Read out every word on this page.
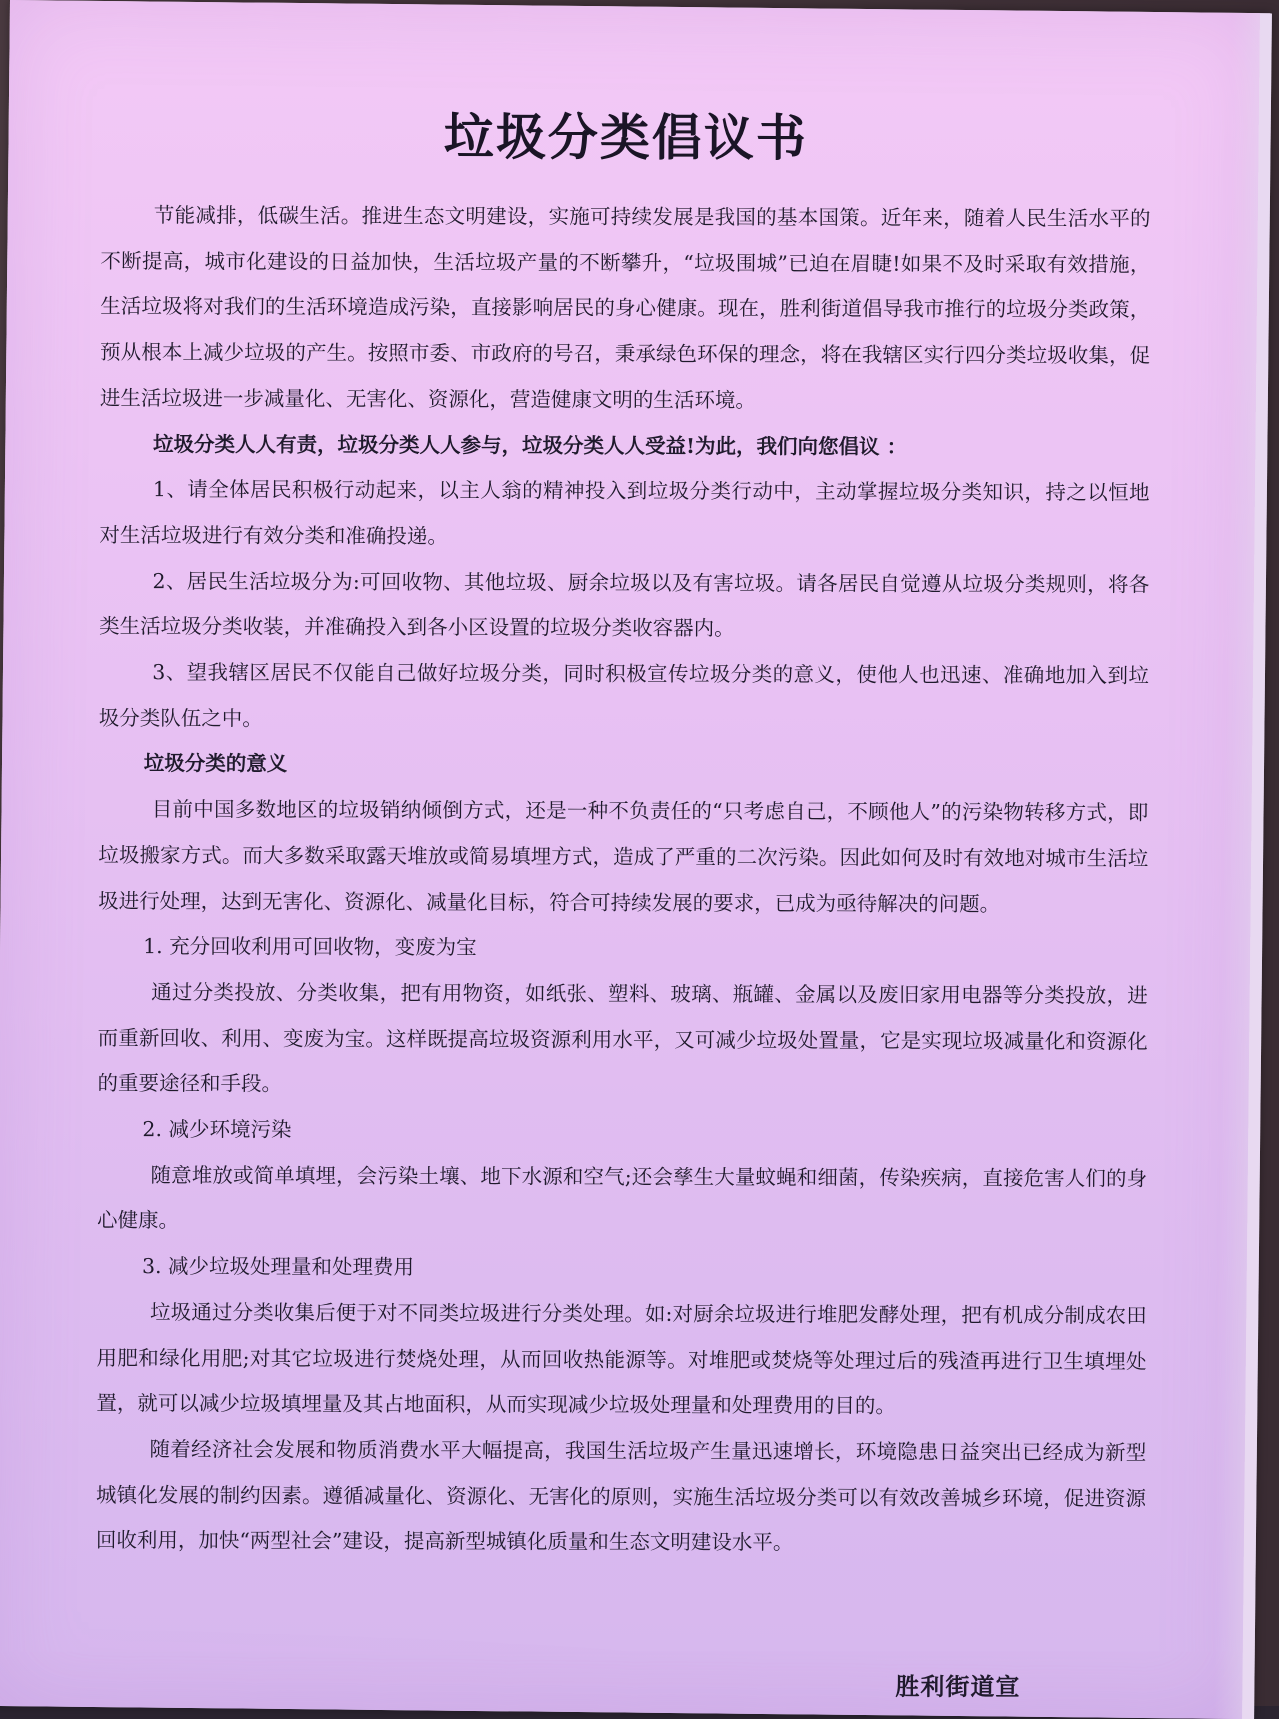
垃圾分类倡议书

节能减排，低碳生活。推进生态文明建设，实施可持续发展是我国的基本国策。近年来，随着人民生活水平的不断提高，城市化建设的日益加快，生活垃圾产量的不断攀升，“垃圾围城”已迫在眉睫!如果不及时采取有效措施，生活垃圾将对我们的生活环境造成污染，直接影响居民的身心健康。现在，胜利街道倡导我市推行的垃圾分类政策，预从根本上减少垃圾的产生。按照市委、市政府的号召，秉承绿色环保的理念，将在我辖区实行四分类垃圾收集，促进生活垃圾进一步减量化、无害化、资源化，营造健康文明的生活环境。

垃圾分类人人有责，垃圾分类人人参与，垃圾分类人人受益!为此，我们向您倡议 ：

1、请全体居民积极行动起来，以主人翁的精神投入到垃圾分类行动中，主动掌握垃圾分类知识，持之以恒地对生活垃圾进行有效分类和准确投递。

2、居民生活垃圾分为:可回收物、其他垃圾、厨余垃圾以及有害垃圾。请各居民自觉遵从垃圾分类规则，将各类生活垃圾分类收装，并准确投入到各小区设置的垃圾分类收容器内。

3、望我辖区居民不仅能自己做好垃圾分类，同时积极宣传垃圾分类的意义，使他人也迅速、准确地加入到垃圾分类队伍之中。

垃圾分类的意义

目前中国多数地区的垃圾销纳倾倒方式，还是一种不负责任的“只考虑自己，不顾他人”的污染物转移方式，即垃圾搬家方式。而大多数采取露天堆放或简易填埋方式，造成了严重的二次污染。因此如何及时有效地对城市生活垃圾进行处理，达到无害化、资源化、减量化目标，符合可持续发展的要求，已成为亟待解决的问题。

1. 充分回收利用可回收物，变废为宝

通过分类投放、分类收集，把有用物资，如纸张、塑料、玻璃、瓶罐、金属以及废旧家用电器等分类投放，进而重新回收、利用、变废为宝。这样既提高垃圾资源利用水平，又可减少垃圾处置量，它是实现垃圾减量化和资源化的重要途径和手段。

2. 减少环境污染

随意堆放或简单填埋，会污染土壤、地下水源和空气;还会孳生大量蚊蝇和细菌，传染疾病，直接危害人们的身心健康。

3. 减少垃圾处理量和处理费用

垃圾通过分类收集后便于对不同类垃圾进行分类处理。如:对厨余垃圾进行堆肥发酵处理，把有机成分制成农田用肥和绿化用肥;对其它垃圾进行焚烧处理，从而回收热能源等。对堆肥或焚烧等处理过后的残渣再进行卫生填埋处置，就可以减少垃圾填埋量及其占地面积，从而实现减少垃圾处理量和处理费用的目的。

随着经济社会发展和物质消费水平大幅提高，我国生活垃圾产生量迅速增长，环境隐患日益突出已经成为新型城镇化发展的制约因素。遵循减量化、资源化、无害化的原则，实施生活垃圾分类可以有效改善城乡环境，促进资源回收利用，加快“两型社会”建设，提高新型城镇化质量和生态文明建设水平。

胜利街道宣
